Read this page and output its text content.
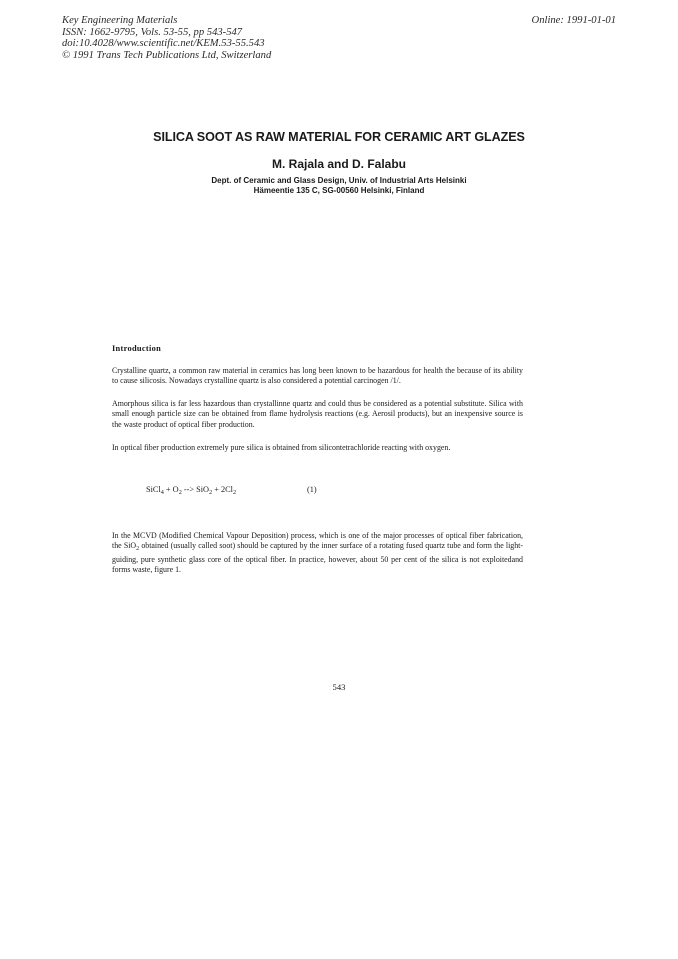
Key Engineering Materials
ISSN: 1662-9795, Vols. 53-55, pp 543-547
doi:10.4028/www.scientific.net/KEM.53-55.543
© 1991 Trans Tech Publications Ltd, Switzerland
Online: 1991-01-01
SILICA SOOT AS RAW MATERIAL FOR CERAMIC ART GLAZES
M. Rajala and D. Falabu
Dept. of Ceramic and Glass Design, Univ. of Industrial Arts Helsinki
Hämeentie 135 C, SG-00560 Helsinki, Finland
Introduction
Crystalline quartz, a common raw material in ceramics has long been known to be hazardous for health the because of its ability to cause silicosis. Nowadays crystalline quartz is also considered a potential carcinogen /1/.
Amorphous silica is far less hazardous than crystallinne quartz and could thus be considered as a potential substitute. Silica with small enough particle size can be obtained from flame hydrolysis reactions (e.g. Aerosil products), but an inexpensive source is the waste product of optical fiber production.
In optical fiber production extremely pure silica is obtained from silicontetrachloride reacting with oxygen.
SiCl$_4$ + $O_2$ --> $SiO_2 + 2Cl_2$	(1)
In the MCVD (Modified Chemical Vapour Deposition) process, which is one of the major processes of optical fiber fabrication, the SiO$_2$ obtained (usually called soot) should be captured by the inner surface of a rotating fused quartz tube and form the light-guiding, pure synthetic glass core of the optical fiber. In practice, however, about 50 per cent of the silica is not exploitedand forms waste, figure 1.
543
